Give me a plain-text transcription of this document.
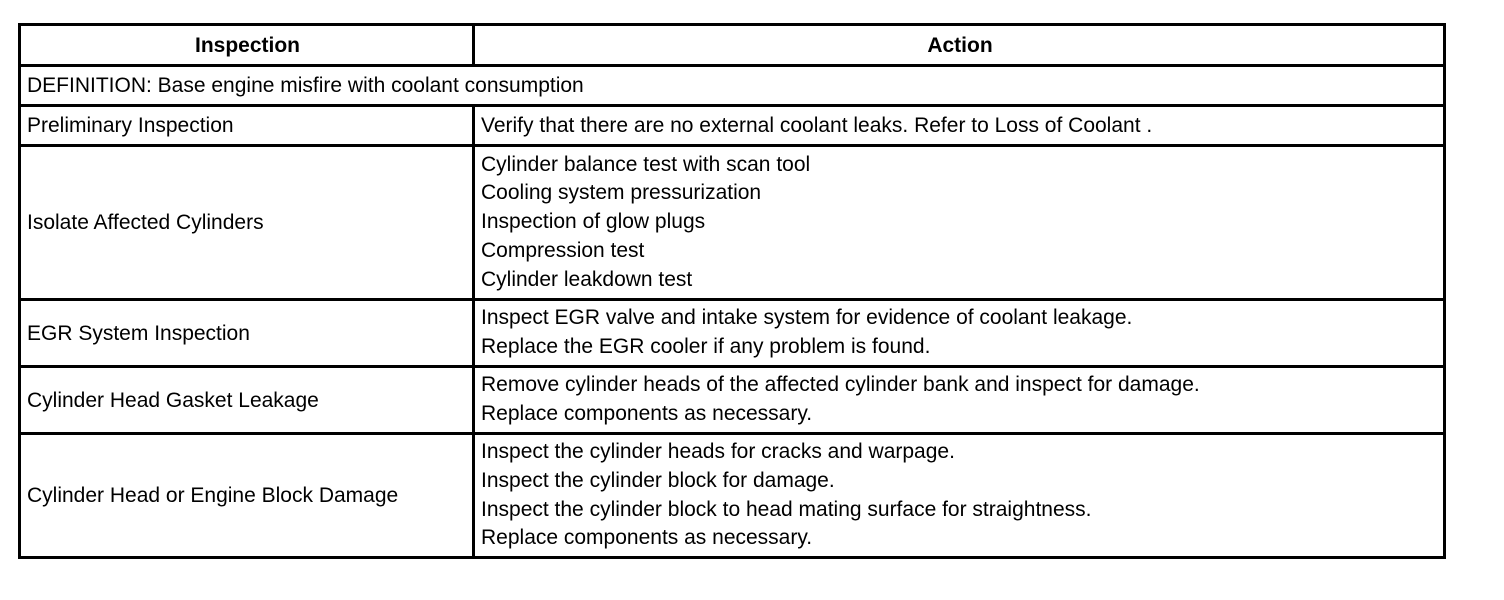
Inspection	Action
DEFINITION: Base engine misfire with coolant consumption	
Preliminary Inspection	Verify that there are no external coolant leaks. Refer to Loss of Coolant .
Isolate Affected Cylinders	Cylinder balance test with scan tool
Cooling system pressurization
Inspection of glow plugs
Compression test
Cylinder leakdown test

EGR System Inspection	Inspect EGR valve and intake system for evidence of coolant leakage.
Replace the EGR cooler if any problem is found.

Cylinder Head Gasket Leakage	Remove cylinder heads of the affected cylinder bank and inspect for damage.
Replace components as necessary.

Cylinder Head or Engine Block Damage	Inspect the cylinder heads for cracks and warpage.
Inspect the cylinder block for damage.
Inspect the cylinder block to head mating surface for straightness.
Replace components as necessary.
